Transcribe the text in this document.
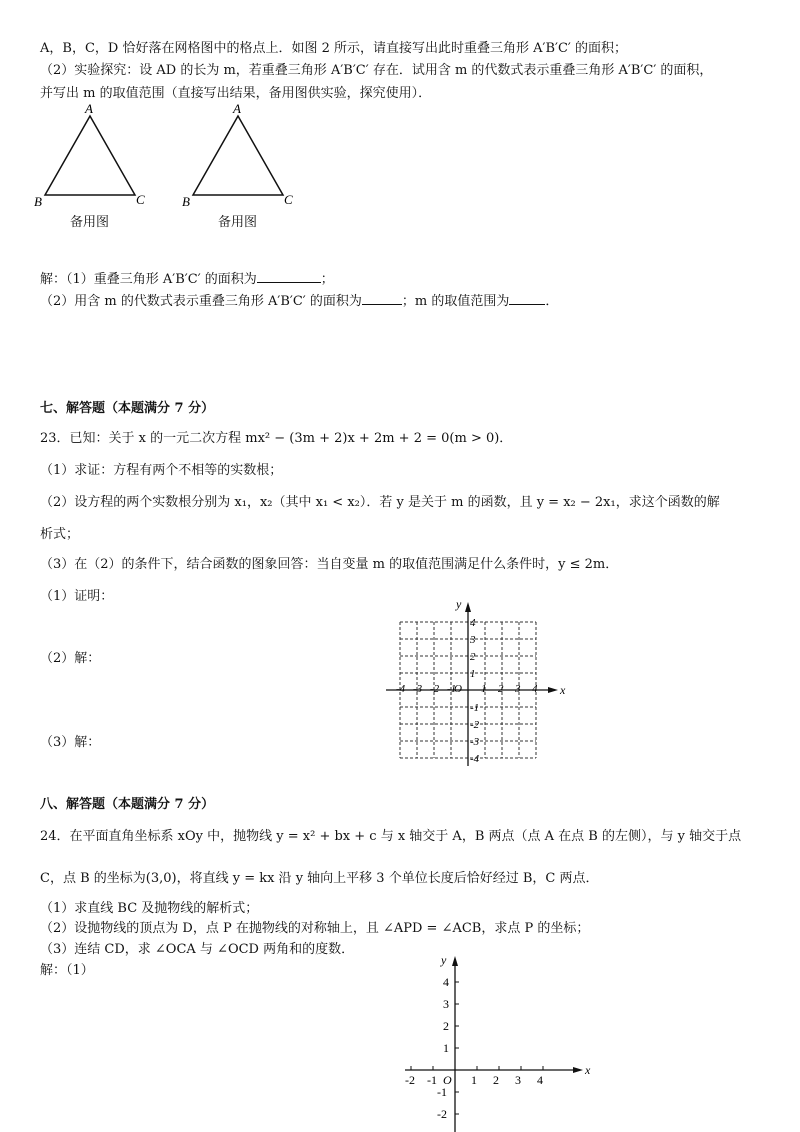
A，B，C，D 恰好落在网格图中的格点上．如图 2 所示，请直接写出此时重叠三角形 A′B′C′ 的面积；
（2）实验探究：设 AD 的长为 m，若重叠三角形 A′B′C′ 存在．试用含 m 的代数式表示重叠三角形 A′B′C′ 的面积，
并写出 m 的取值范围（直接写出结果，备用图供实验，探究使用）．
A
B	C
备用图
A
B	C
备用图
解：（1）重叠三角形 A′B′C′ 的面积为	；
（2）用含 m 的代数式表示重叠三角形 A′B′C′ 的面积为	；m 的取值范围为	．
七、解答题（本题满分 7 分）
23．已知：关于 x 的一元二次方程 mx² − (3m + 2)x + 2m + 2 = 0(m > 0)．
（1）求证：方程有两个不相等的实数根；
（2）设方程的两个实数根分别为 x₁，x₂（其中 x₁ < x₂）．若 y 是关于 m 的函数，且 y = x₂ − 2x₁，求这个函数的解
析式；
（3）在（2）的条件下，结合函数的图象回答：当自变量 m 的取值范围满足什么条件时，y ≤ 2m．
（1）证明：
（2）解：
（3）解：
-4 -3 -2 -1 1 2 3 4
4
3
2
1
-1
-2
-3
-4
x
y
O
八、解答题（本题满分 7 分）
24．在平面直角坐标系 xOy 中，抛物线 y = x² + bx + c 与 x 轴交于 A，B 两点（点 A 在点 B 的左侧），与 y 轴交于点
C，点 B 的坐标为(3,0)，将直线 y = kx 沿 y 轴向上平移 3 个单位长度后恰好经过 B，C 两点．
（1）求直线 BC 及抛物线的解析式；
（2）设抛物线的顶点为 D，点 P 在抛物线的对称轴上，且 ∠APD = ∠ACB，求点 P 的坐标；
（3）连结 CD，求 ∠OCA 与 ∠OCD 两角和的度数．
解：（1）
-2 -1	1 2 3 4
4
3
2
1
-1
-2
x
y
O
